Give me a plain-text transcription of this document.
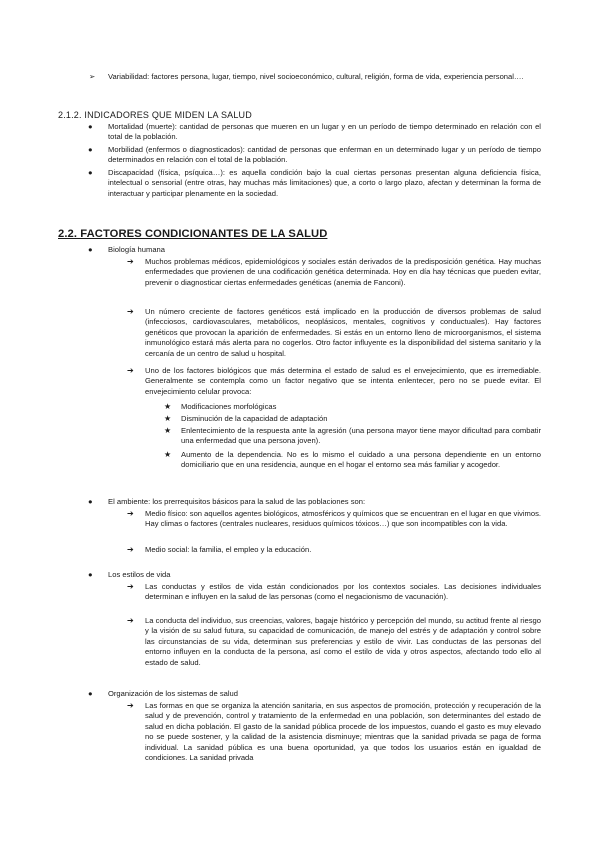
➢ Variabilidad: factores persona, lugar, tiempo, nivel socioeconómico, cultural, religión, forma de vida, experiencia personal….
2.1.2. INDICADORES QUE MIDEN LA SALUD
● Mortalidad (muerte): cantidad de personas que mueren en un lugar y en un período de tiempo determinado en relación con el total de la población.
● Morbilidad (enfermos o diagnosticados): cantidad de personas que enferman en un determinado lugar y un período de tiempo determinados en relación con el total de la población.
● Discapacidad (física, psíquica…): es aquella condición bajo la cual ciertas personas presentan alguna deficiencia física, intelectual o sensorial (entre otras, hay muchas más limitaciones) que, a corto o largo plazo, afectan y determinan la forma de interactuar y participar plenamente en la sociedad.
2.2. FACTORES CONDICIONANTES DE LA SALUD
● Biología humana
➔ Muchos problemas médicos, epidemiológicos y sociales están derivados de la predisposición genética. Hay muchas enfermedades que provienen de una codificación genética determinada. Hoy en día hay técnicas que pueden evitar, prevenir o diagnosticar ciertas enfermedades genéticas (anemia de Fanconi).
➔ Un número creciente de factores genéticos está implicado en la producción de diversos problemas de salud (infecciosos, cardiovasculares, metabólicos, neoplásicos, mentales, cognitivos y conductuales). Hay factores genéticos que provocan la aparición de enfermedades. Si estás en un entorno lleno de microorganismos, el sistema inmunológico estará más alerta para no cogerlos. Otro factor influyente es la disponibilidad del sistema sanitario y la cercanía de un centro de salud u hospital.
➔ Uno de los factores biológicos que más determina el estado de salud es el envejecimiento, que es irremediable. Generalmente se contempla como un factor negativo que se intenta enlentecer, pero no se puede evitar. El envejecimiento celular provoca:
★ Modificaciones morfológicas
★ Disminución de la capacidad de adaptación
★ Enlentecimiento de la respuesta ante la agresión (una persona mayor tiene mayor dificultad para combatir una enfermedad que una persona joven).
★ Aumento de la dependencia. No es lo mismo el cuidado a una persona dependiente en un entorno domiciliario que en una residencia, aunque en el hogar el entorno sea más familiar y acogedor.
● El ambiente: los prerrequisitos básicos para la salud de las poblaciones son:
➔ Medio físico: son aquellos agentes biológicos, atmosféricos y químicos que se encuentran en el lugar en que vivimos. Hay climas o factores (centrales nucleares, residuos químicos tóxicos…) que son incompatibles con la vida.
➔ Medio social: la familia, el empleo y la educación.
● Los estilos de vida
➔ Las conductas y estilos de vida están condicionados por los contextos sociales. Las decisiones individuales determinan e influyen en la salud de las personas (como el negacionismo de vacunación).
➔ La conducta del individuo, sus creencias, valores, bagaje histórico y percepción del mundo, su actitud frente al riesgo y la visión de su salud futura, su capacidad de comunicación, de manejo del estrés y de adaptación y control sobre las circunstancias de su vida, determinan sus preferencias y estilo de vivir. Las conductas de las personas del entorno influyen en la conducta de la persona, así como el estilo de vida y otros aspectos, afectando todo ello al estado de salud.
● Organización de los sistemas de salud
➔ Las formas en que se organiza la atención sanitaria, en sus aspectos de promoción, protección y recuperación de la salud y de prevención, control y tratamiento de la enfermedad en una población, son determinantes del estado de salud en dicha población. El gasto de la sanidad pública procede de los impuestos, cuando el gasto es muy elevado no se puede sostener, y la calidad de la asistencia disminuye; mientras que la sanidad privada se paga de forma individual. La sanidad pública es una buena oportunidad, ya que todos los usuarios están en igualdad de condiciones. La sanidad privada
